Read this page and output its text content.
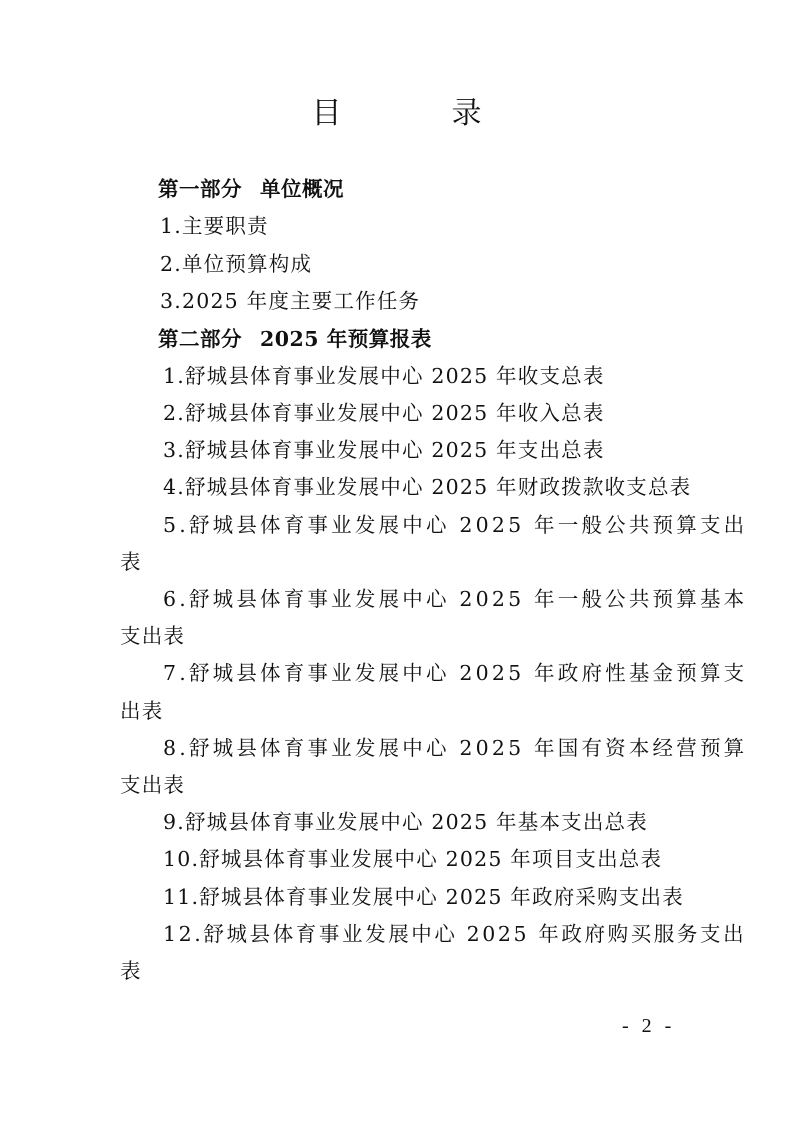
目　录
第一部分 单位概况
1.主要职责
2.单位预算构成
3.2025 年度主要工作任务
第二部分 2025 年预算报表
1.舒城县体育事业发展中心 2025 年收支总表
2.舒城县体育事业发展中心 2025 年收入总表
3.舒城县体育事业发展中心 2025 年支出总表
4.舒城县体育事业发展中心 2025 年财政拨款收支总表
5.舒城县体育事业发展中心 2025 年一般公共预算支出
表
6.舒城县体育事业发展中心 2025 年一般公共预算基本
支出表
7.舒城县体育事业发展中心 2025 年政府性基金预算支
出表
8.舒城县体育事业发展中心 2025 年国有资本经营预算
支出表
9.舒城县体育事业发展中心 2025 年基本支出总表
10.舒城县体育事业发展中心 2025 年项目支出总表
11.舒城县体育事业发展中心 2025 年政府采购支出表
12.舒城县体育事业发展中心 2025 年政府购买服务支出
表
- 2 -
